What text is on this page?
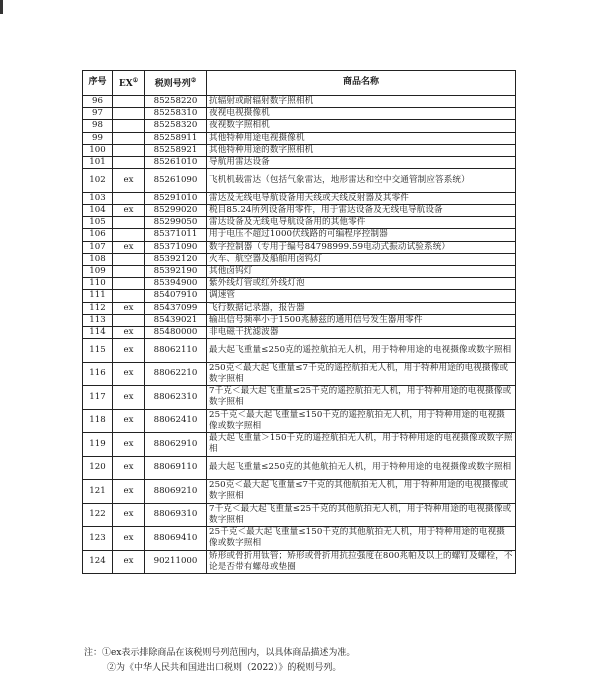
序号	EX①	税则号列②	商品名称
96		85258220	抗辐射或耐辐射数字照相机
97		85258310	夜视电视摄像机
98		85258320	夜视数字照相机
99		85258911	其他特种用途电视摄像机
100		85258921	其他特种用途的数字照相机
101		85261010	导航用雷达设备
102	ex	85261090	飞机机载雷达（包括气象雷达，地形雷达和空中交通管制应答系统）
103		85291010	雷达及无线电导航设备用天线或天线反射器及其零件
104	ex	85299020	税目85.24所列设备用零件，用于雷达设备及无线电导航设备
105		85299050	雷达设备及无线电导航设备用的其他零件
106		85371011	用于电压不超过1000伏线路的可编程序控制器
107	ex	85371090	数字控制器（专用于编号84798999.59电动式振动试验系统）
108		85392120	火车、航空器及船舶用卤钨灯
109		85392190	其他卤钨灯
110		85394900	紫外线灯管或红外线灯泡
111		85407910	调速管
112	ex	85437099	飞行数据记录器，报告器
113		85439021	输出信号频率小于1500兆赫兹的通用信号发生器用零件
114	ex	85480000	非电磁干扰滤波器
115	ex	88062110	最大起飞重量≤250克的遥控航拍无人机，用于特种用途的电视摄像或数字照相
116	ex	88062210	250克＜最大起飞重量≤7千克的遥控航拍无人机，用于特种用途的电视摄像或数字照相
117	ex	88062310	7千克＜最大起飞重量≤25千克的遥控航拍无人机，用于特种用途的电视摄像或数字照相
118	ex	88062410	25千克＜最大起飞重量≤150千克的遥控航拍无人机，用于特种用途的电视摄像或数字照相
119	ex	88062910	最大起飞重量＞150千克的遥控航拍无人机，用于特种用途的电视摄像或数字照相
120	ex	88069110	最大起飞重量≤250克的其他航拍无人机，用于特种用途的电视摄像或数字照相
121	ex	88069210	250克＜最大起飞重量≤7千克的其他航拍无人机，用于特种用途的电视摄像或数字照相
122	ex	88069310	7千克＜最大起飞重量≤25千克的其他航拍无人机，用于特种用途的电视摄像或数字照相
123	ex	88069410	25千克＜最大起飞重量≤150千克的其他航拍无人机，用于特种用途的电视摄像或数字照相
124	ex	90211000	矫形或骨折用钛管；矫形或骨折用抗拉强度在800兆帕及以上的螺钉及螺栓，不论是否带有螺母或垫圈
注：①ex表示排除商品在该税则号列范围内，以具体商品描述为准。
②为《中华人民共和国进出口税则（2022）》的税则号列。
